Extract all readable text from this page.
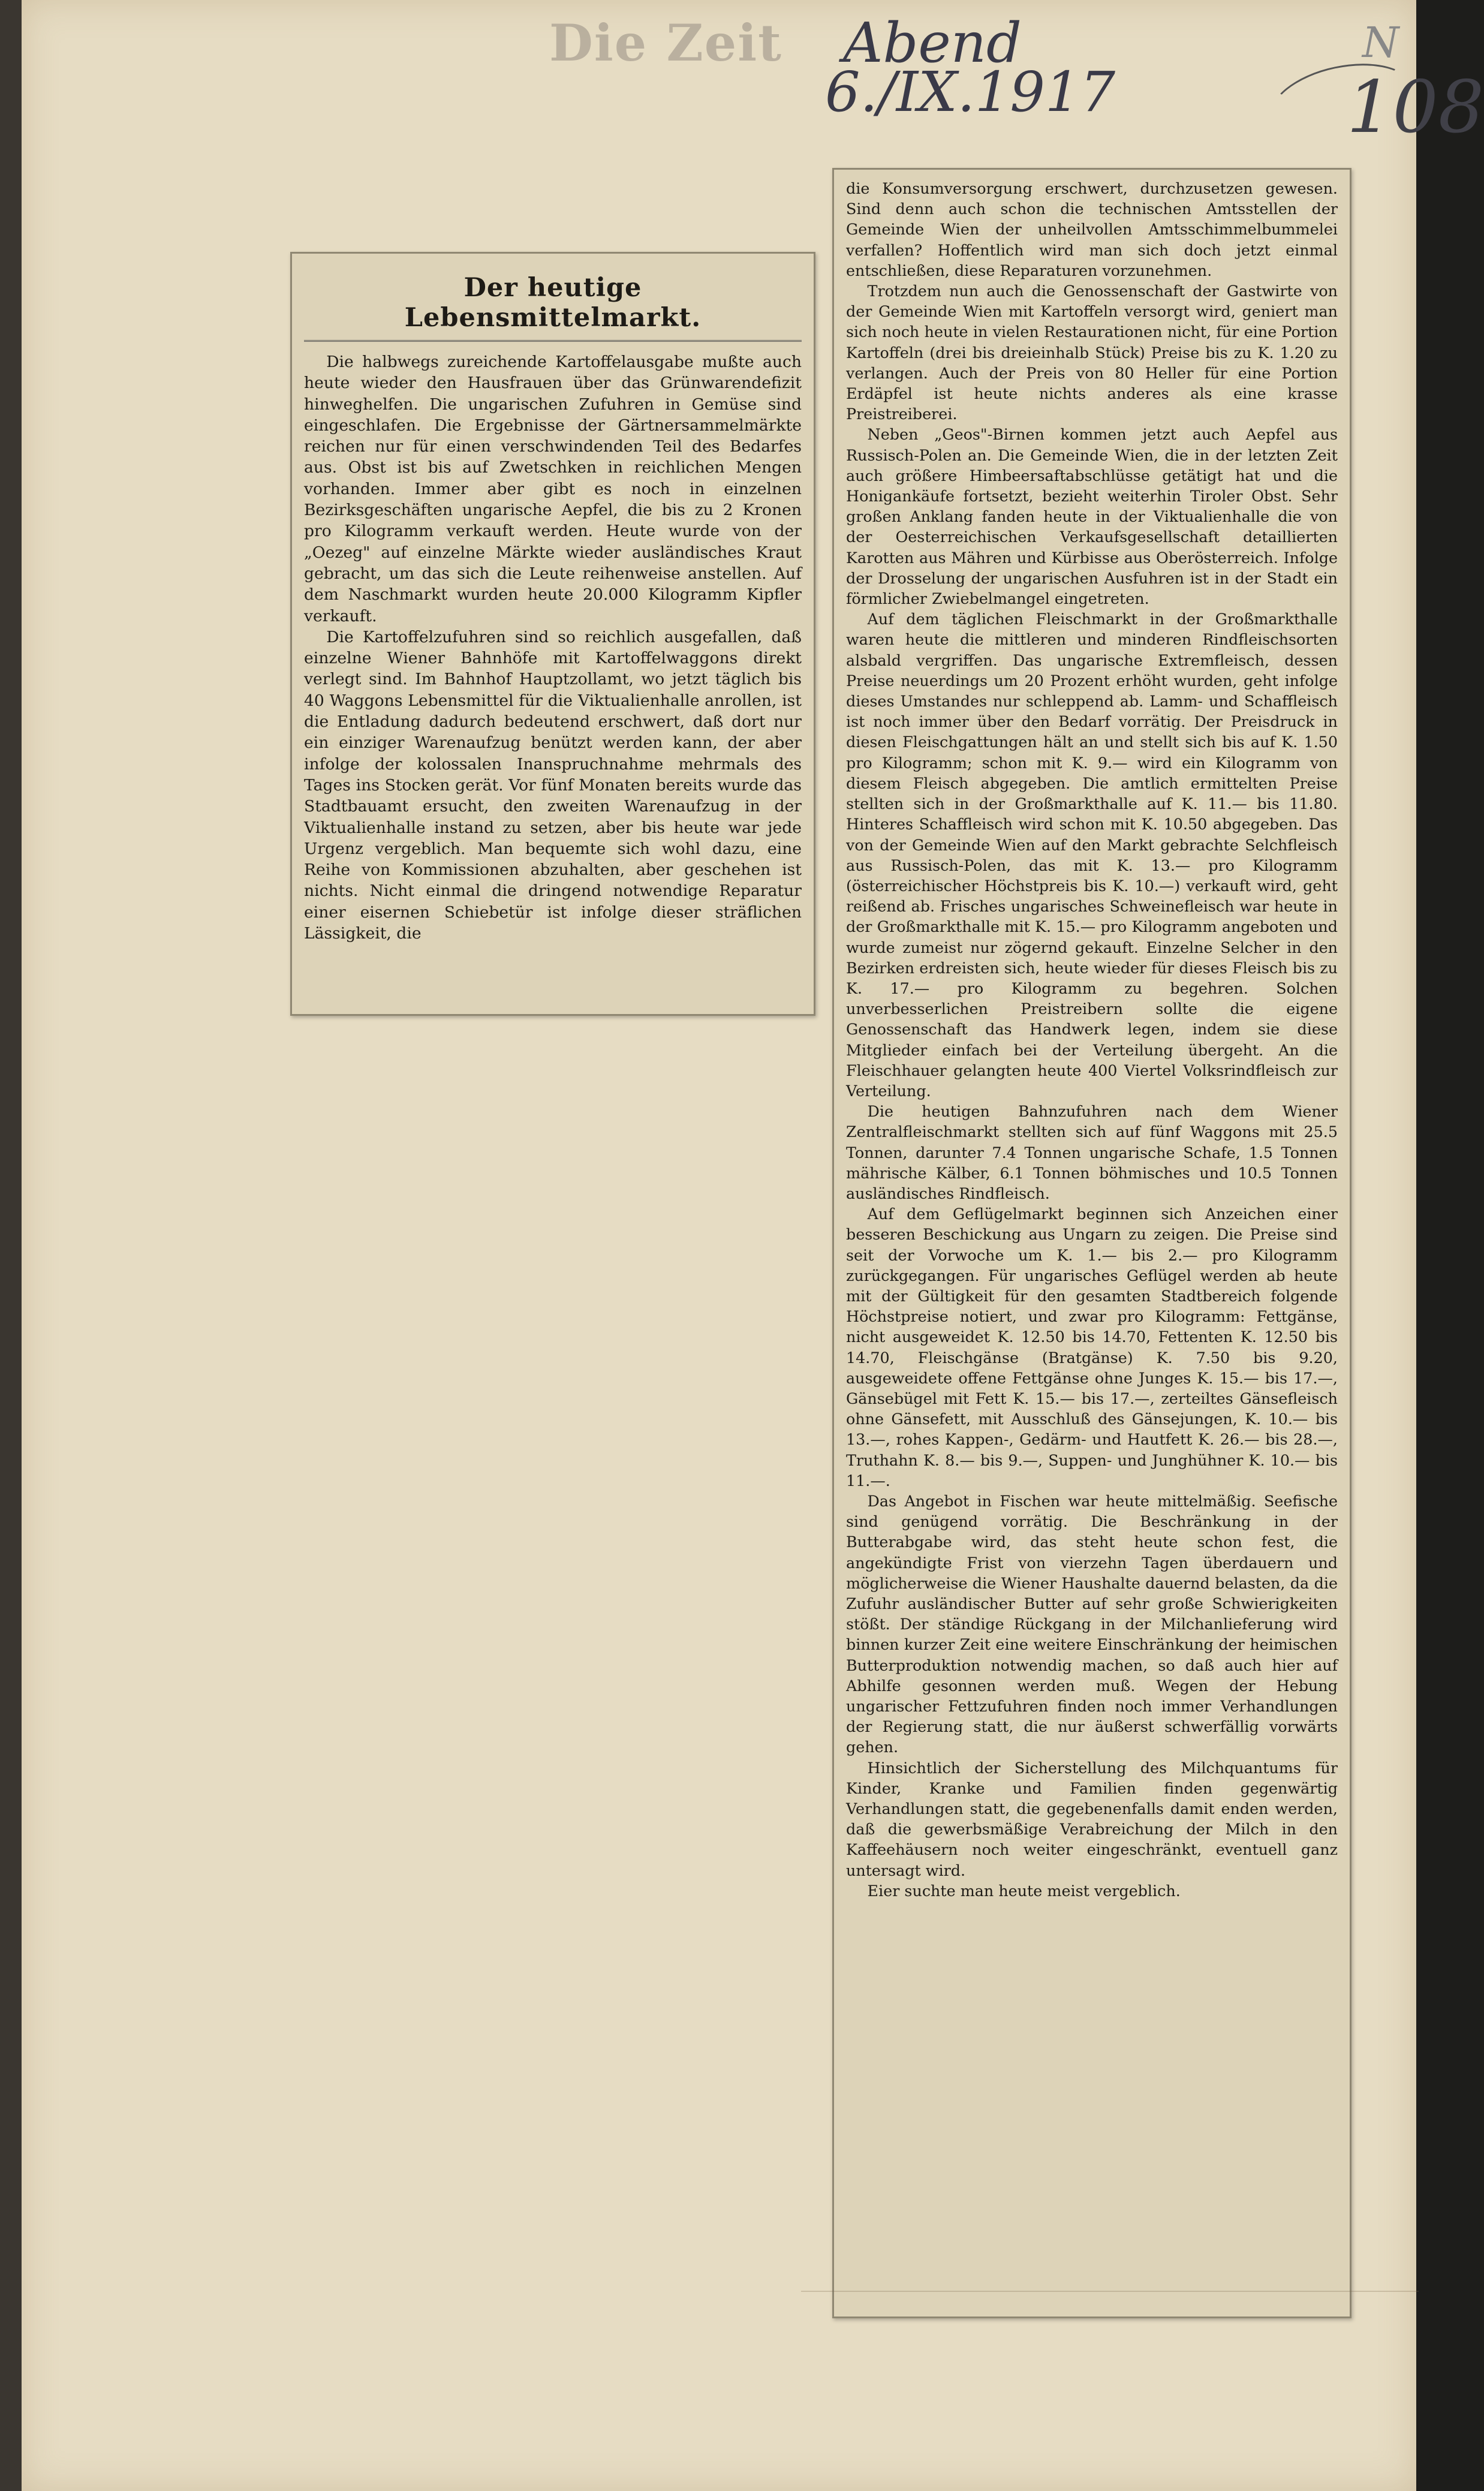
Die Zeit Abend
6./IX.1917	108
N
Der heutige Lebensmittelmarkt.

Die halbwegs zureichende Kartoffelausgabe mußte auch heute wieder den Hausfrauen über das Grünwarendefizit hinweghelfen. Die ungarischen Zufuhren in Gemüse sind eingeschlafen. Die Ergebnisse der Gärtnersammelmärkte reichen nur für einen verschwindenden Teil des Bedarfes aus. Obst ist bis auf Zwetschken in reichlichen Mengen vorhanden. Immer aber gibt es noch in einzelnen Bezirksgeschäften ungarische Aepfel, die bis zu 2 Kronen pro Kilogramm verkauft werden. Heute wurde von der „Oezeg" auf einzelne Märkte wieder ausländisches Kraut gebracht, um das sich die Leute reihenweise anstellen. Auf dem Naschmarkt wurden heute 20.000 Kilogramm Kipfler verkauft.

Die Kartoffelzufuhren sind so reichlich ausgefallen, daß einzelne Wiener Bahnhöfe mit Kartoffelwaggons direkt verlegt sind. Im Bahnhof Hauptzollamt, wo jetzt täglich bis 40 Waggons Lebensmittel für die Viktualienhalle anrollen, ist die Entladung dadurch bedeutend erschwert, daß dort nur ein einziger Warenaufzug benützt werden kann, der aber infolge der kolossalen Inanspruchnahme mehrmals des Tages ins Stocken gerät. Vor fünf Monaten bereits wurde das Stadtbauamt ersucht, den zweiten Warenaufzug in der Viktualienhalle instand zu setzen, aber bis heute war jede Urgenz vergeblich. Man bequemte sich wohl dazu, eine Reihe von Kommissionen abzuhalten, aber geschehen ist nichts. Nicht einmal die dringend notwendige Reparatur einer eisernen Schiebetür ist infolge dieser sträflichen Lässigkeit, die

die Konsumversorgung erschwert, durchzusetzen gewesen. Sind denn auch schon die technischen Amtsstellen der Gemeinde Wien der unheilvollen Amtsschimmelbummelei verfallen? Hoffentlich wird man sich doch jetzt einmal entschließen, diese Reparaturen vorzunehmen.

Trotzdem nun auch die Genossenschaft der Gastwirte von der Gemeinde Wien mit Kartoffeln versorgt wird, geniert man sich noch heute in vielen Restaurationen nicht, für eine Portion Kartoffeln (drei bis dreieinhalb Stück) Preise bis zu K. 1.20 zu verlangen. Auch der Preis von 80 Heller für eine Portion Erdäpfel ist heute nichts anderes als eine krasse Preistreiberei.

Neben „Geos"-Birnen kommen jetzt auch Aepfel aus Russisch-Polen an. Die Gemeinde Wien, die in der letzten Zeit auch größere Himbeersaftabschlüsse getätigt hat und die Honigankäufe fortsetzt, bezieht weiterhin Tiroler Obst. Sehr großen Anklang fanden heute in der Viktualienhalle die von der Oesterreichischen Verkaufsgesellschaft detaillierten Karotten aus Mähren und Kürbisse aus Oberösterreich. Infolge der Drosselung der ungarischen Ausfuhren ist in der Stadt ein förmlicher Zwiebelmangel eingetreten.

Auf dem täglichen Fleischmarkt in der Großmarkthalle waren heute die mittleren und minderen Rindfleischsorten alsbald vergriffen. Das ungarische Extremfleisch, dessen Preise neuerdings um 20 Prozent erhöht wurden, geht infolge dieses Umstandes nur schleppend ab. Lamm- und Schaffleisch ist noch immer über den Bedarf vorrätig. Der Preisdruck in diesen Fleischgattungen hält an und stellt sich bis auf K. 1.50 pro Kilogramm; schon mit K. 9.— wird ein Kilogramm von diesem Fleisch abgegeben. Die amtlich ermittelten Preise stellten sich in der Großmarkthalle auf K. 11.— bis 11.80. Hinteres Schaffleisch wird schon mit K. 10.50 abgegeben. Das von der Gemeinde Wien auf den Markt gebrachte Selchfleisch aus Russisch-Polen, das mit K. 13.— pro Kilogramm (österreichischer Höchstpreis bis K. 10.—) verkauft wird, geht reißend ab. Frisches ungarisches Schweinefleisch war heute in der Großmarkthalle mit K. 15.— pro Kilogramm angeboten und wurde zumeist nur zögernd gekauft. Einzelne Selcher in den Bezirken erdreisten sich, heute wieder für dieses Fleisch bis zu K. 17.— pro Kilogramm zu begehren. Solchen unverbesserlichen Preistreibern sollte die eigene Genossenschaft das Handwerk legen, indem sie diese Mitglieder einfach bei der Verteilung übergeht. An die Fleischhauer gelangten heute 400 Viertel Volksrindfleisch zur Verteilung.

Die heutigen Bahnzufuhren nach dem Wiener Zentralfleischmarkt stellten sich auf fünf Waggons mit 25.5 Tonnen, darunter 7.4 Tonnen ungarische Schafe, 1.5 Tonnen mährische Kälber, 6.1 Tonnen böhmisches und 10.5 Tonnen ausländisches Rindfleisch.

Auf dem Geflügelmarkt beginnen sich Anzeichen einer besseren Beschickung aus Ungarn zu zeigen. Die Preise sind seit der Vorwoche um K. 1.— bis 2.— pro Kilogramm zurückgegangen. Für ungarisches Geflügel werden ab heute mit der Gültigkeit für den gesamten Stadtbereich folgende Höchstpreise notiert, und zwar pro Kilogramm: Fettgänse, nicht ausgeweidet K. 12.50 bis 14.70, Fettenten K. 12.50 bis 14.70, Fleischgänse (Bratgänse) K. 7.50 bis 9.20, ausgeweidete offene Fettgänse ohne Junges K. 15.— bis 17.—, Gänsebügel mit Fett K. 15.— bis 17.—, zerteiltes Gänsefleisch ohne Gänsefett, mit Ausschluß des Gänsejungen, K. 10.— bis 13.—, rohes Kappen-, Gedärm- und Hautfett K. 26.— bis 28.—, Truthahn K. 8.— bis 9.—, Suppen- und Junghühner K. 10.— bis 11.—.

Das Angebot in Fischen war heute mittelmäßig. Seefische sind genügend vorrätig. Die Beschränkung in der Butterabgabe wird, das steht heute schon fest, die angekündigte Frist von vierzehn Tagen überdauern und möglicherweise die Wiener Haushalte dauernd belasten, da die Zufuhr ausländischer Butter auf sehr große Schwierigkeiten stößt. Der ständige Rückgang in der Milchanlieferung wird binnen kurzer Zeit eine weitere Einschränkung der heimischen Butterproduktion notwendig machen, so daß auch hier auf Abhilfe gesonnen werden muß. Wegen der Hebung ungarischer Fettzufuhren finden noch immer Verhandlungen der Regierung statt, die nur äußerst schwerfällig vorwärts gehen.

Hinsichtlich der Sicherstellung des Milchquantums für Kinder, Kranke und Familien finden gegenwärtig Verhandlungen statt, die gegebenenfalls damit enden werden, daß die gewerbsmäßige Verabreichung der Milch in den Kaffeehäusern noch weiter eingeschränkt, eventuell ganz untersagt wird.

Eier suchte man heute meist vergeblich.
